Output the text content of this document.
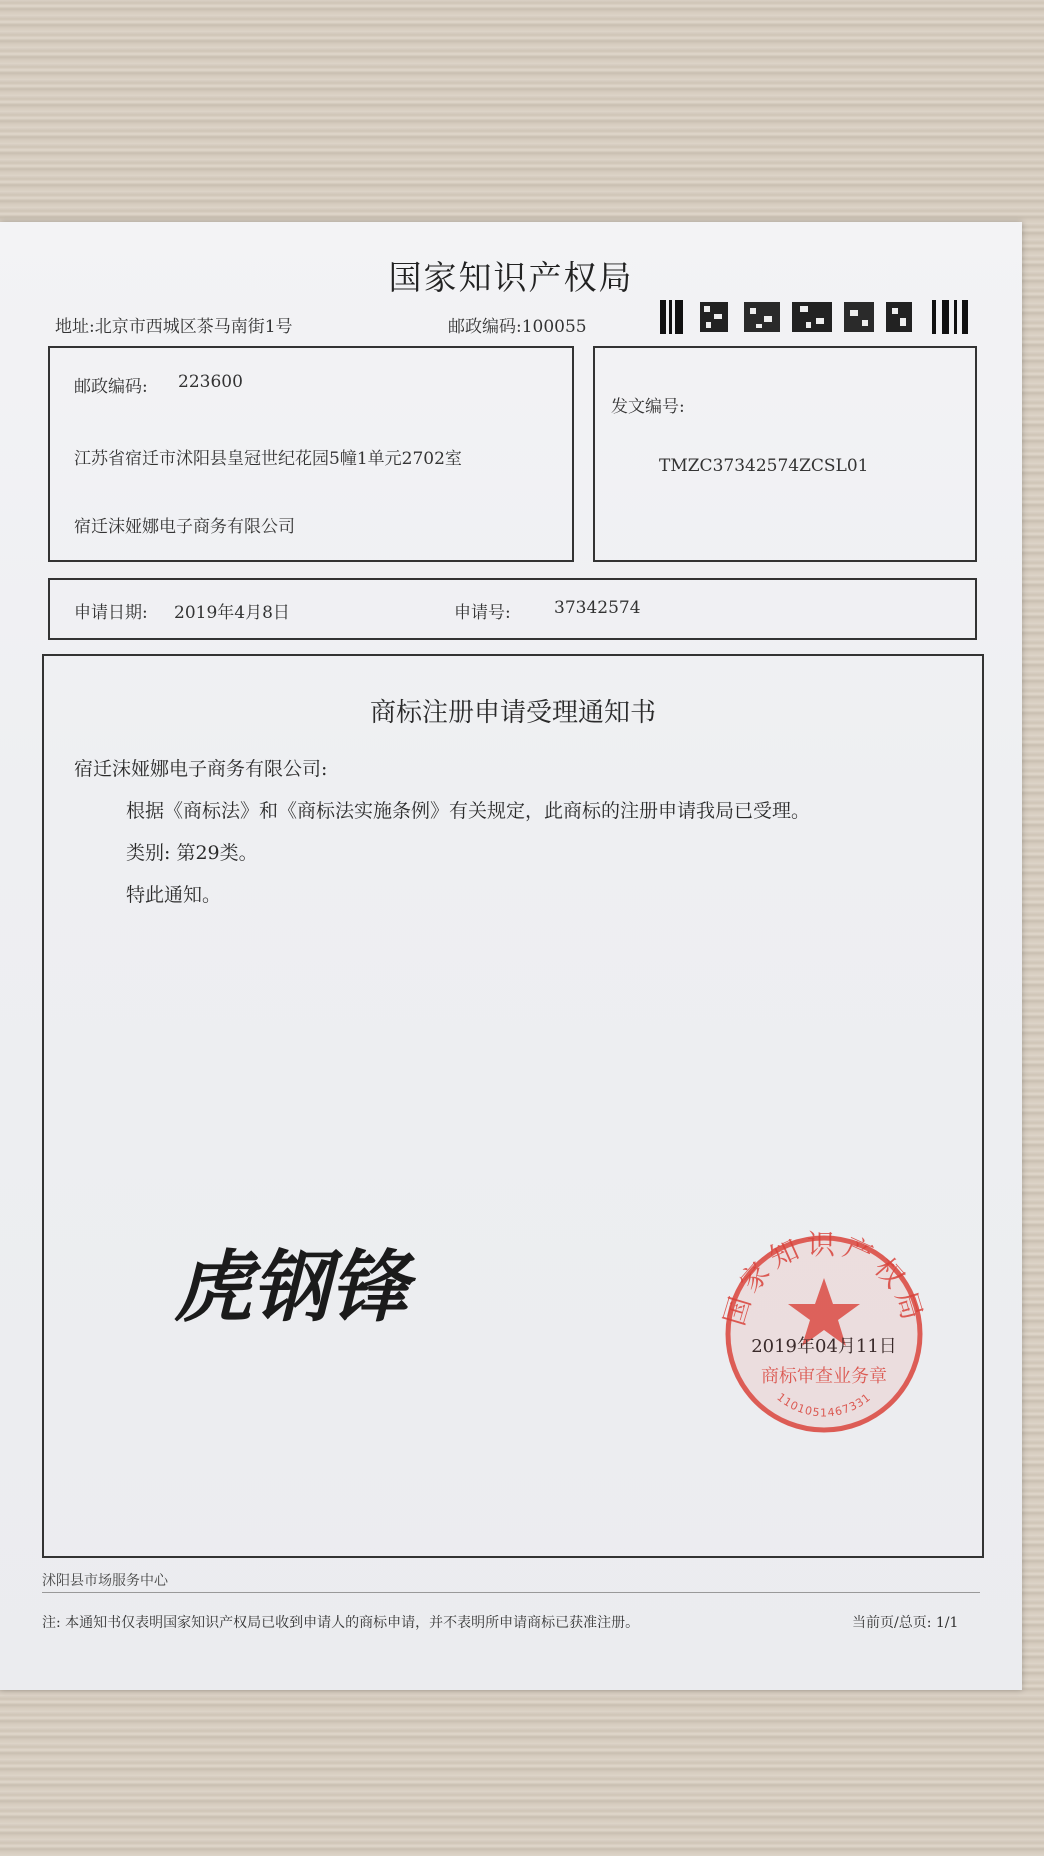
国家知识产权局
地址:北京市西城区茶马南街1号	邮政编码:100055
邮政编码: 223600
江苏省宿迁市沭阳县皇冠世纪花园5幢1单元2702室
宿迁沫娅娜电子商务有限公司
发文编号:
TMZC37342574ZCSL01
申请日期: 2019年4月8日	申请号:	37342574
商标注册申请受理通知书
宿迁沫娅娜电子商务有限公司:
根据《商标法》和《商标法实施条例》有关规定，此商标的注册申请我局已受理。
类别: 第29类。
特此通知。
虎钢锋	国家知识产权局
2019年04月11日
商标审查业务章
1101051467331
沭阳县市场服务中心
注: 本通知书仅表明国家知识产权局已收到申请人的商标申请，并不表明所申请商标已获准注册。	当前页/总页: 1/1
